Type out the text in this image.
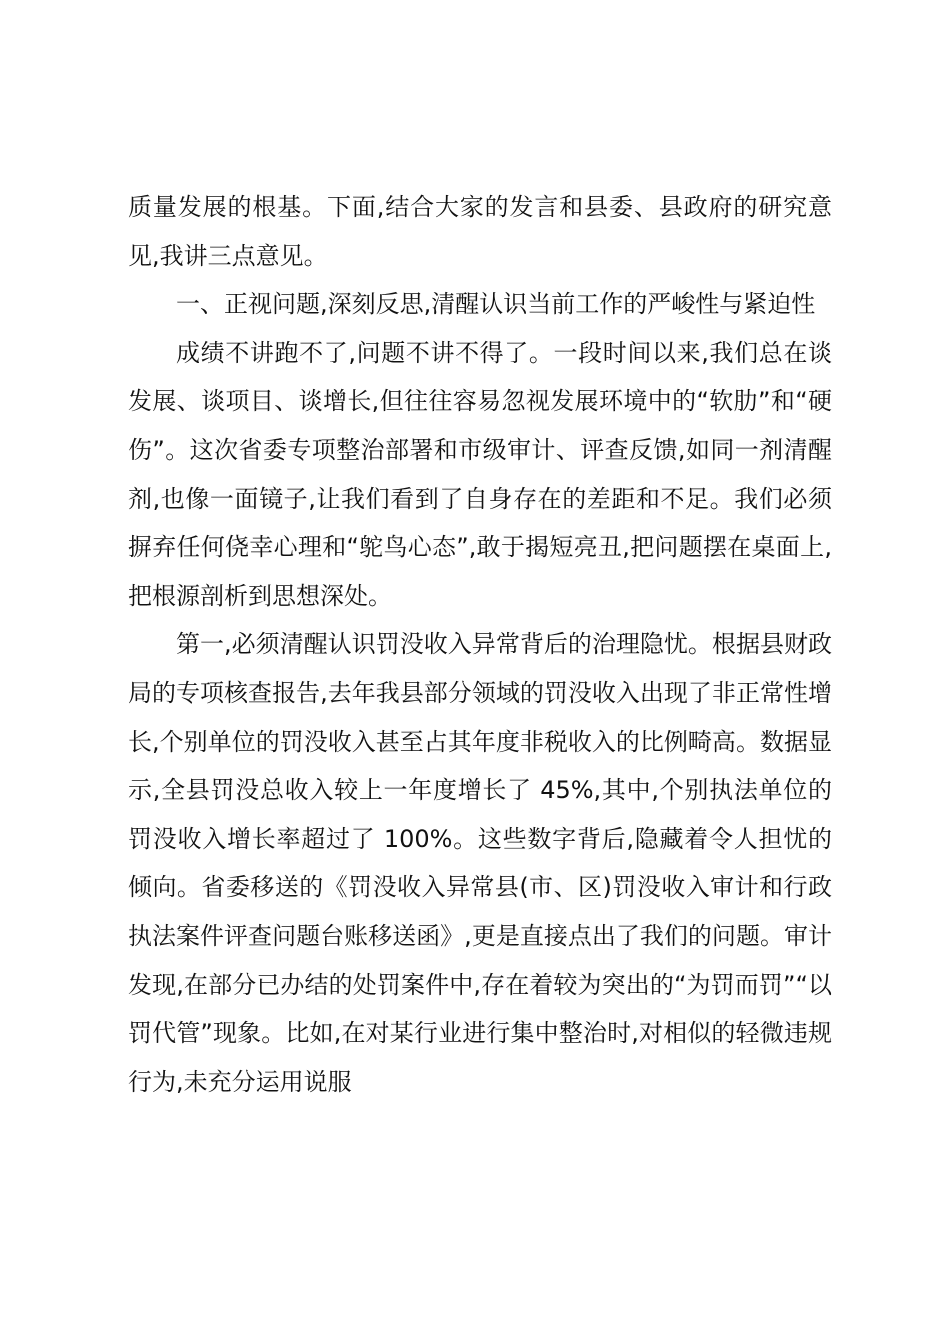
质量发展的根基。下面,结合大家的发言和县委、县政府的研究意见,我讲三点意见。

一、正视问题,深刻反思,清醒认识当前工作的严峻性与紧迫性

成绩不讲跑不了,问题不讲不得了。一段时间以来,我们总在谈发展、谈项目、谈增长,但往往容易忽视发展环境中的“软肋”和“硬伤”。这次省委专项整治部署和市级审计、评查反馈,如同一剂清醒剂,也像一面镜子,让我们看到了自身存在的差距和不足。我们必须摒弃任何侥幸心理和“鸵鸟心态”,敢于揭短亮丑,把问题摆在桌面上,把根源剖析到思想深处。

第一,必须清醒认识罚没收入异常背后的治理隐忧。根据县财政局的专项核查报告,去年我县部分领域的罚没收入出现了非正常性增长,个别单位的罚没收入甚至占其年度非税收入的比例畸高。数据显示,全县罚没总收入较上一年度增长了 45%,其中,个别执法单位的罚没收入增长率超过了 100%。这些数字背后,隐藏着令人担忧的倾向。省委移送的《罚没收入异常县(市、区)罚没收入审计和行政执法案件评查问题台账移送函》,更是直接点出了我们的问题。审计发现,在部分已办结的处罚案件中,存在着较为突出的“为罚而罚”“以罚代管”现象。比如,在对某行业进行集中整治时,对相似的轻微违规行为,未充分运用说服
